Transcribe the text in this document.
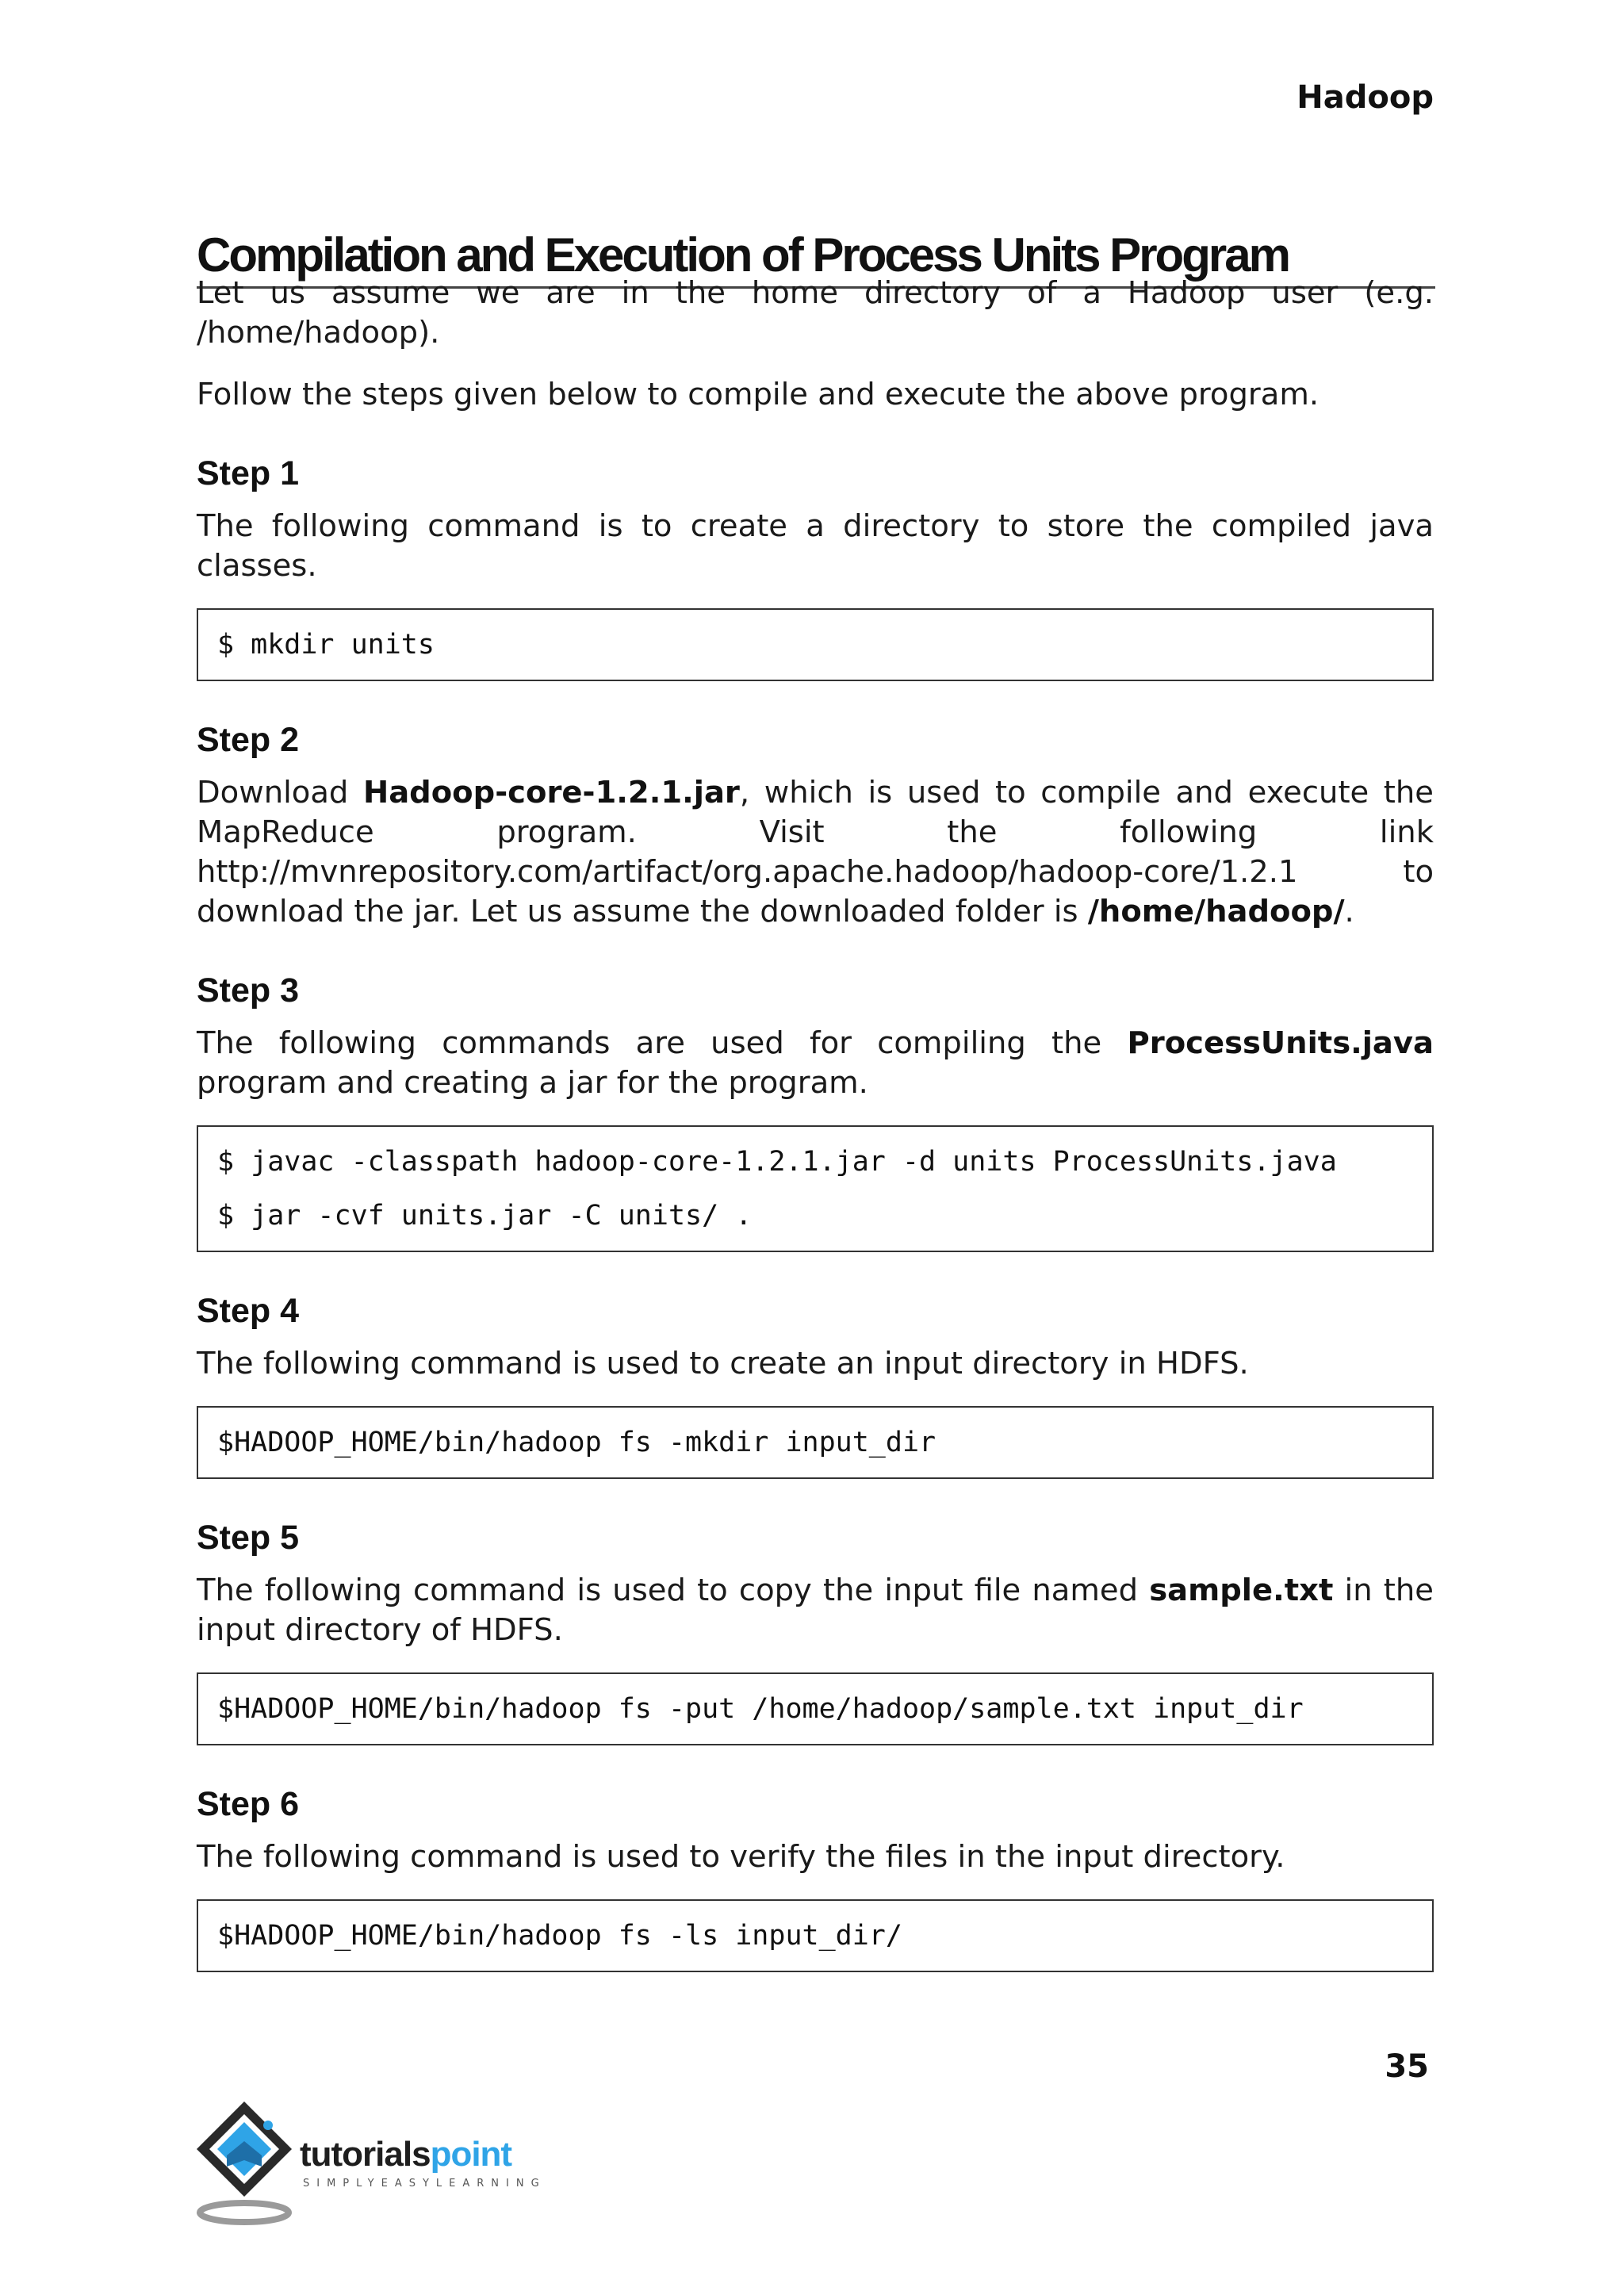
Hadoop
Compilation and Execution of Process Units Program

Let us assume we are in the home directory of a Hadoop user (e.g. /home/hadoop).

Follow the steps given below to compile and execute the above program.

Step 1

The following command is to create a directory to store the compiled java classes.

$ mkdir units
Step 2

Download Hadoop-core-1.2.1.jar, which is used to compile and execute the MapReduce program. Visit the following link

http://mvnrepository.com/artifact/org.apache.hadoop/hadoop-core/1.2.1 to

download the jar. Let us assume the downloaded folder is /home/hadoop/.

Step 3

The following commands are used for compiling the ProcessUnits.java program and creating a jar for the program.

$ javac -classpath hadoop-core-1.2.1.jar -d units ProcessUnits.java
$ jar -cvf units.jar -C units/ .
Step 4

The following command is used to create an input directory in HDFS.

$HADOOP_HOME/bin/hadoop fs -mkdir input_dir
Step 5

The following command is used to copy the input file named sample.txt in the input directory of HDFS.

$HADOOP_HOME/bin/hadoop fs -put /home/hadoop/sample.txt input_dir
Step 6

The following command is used to verify the files in the input directory.

$HADOOP_HOME/bin/hadoop fs -ls input_dir/
35
tutorialspoint
SIMPLYEASYLEARNING
